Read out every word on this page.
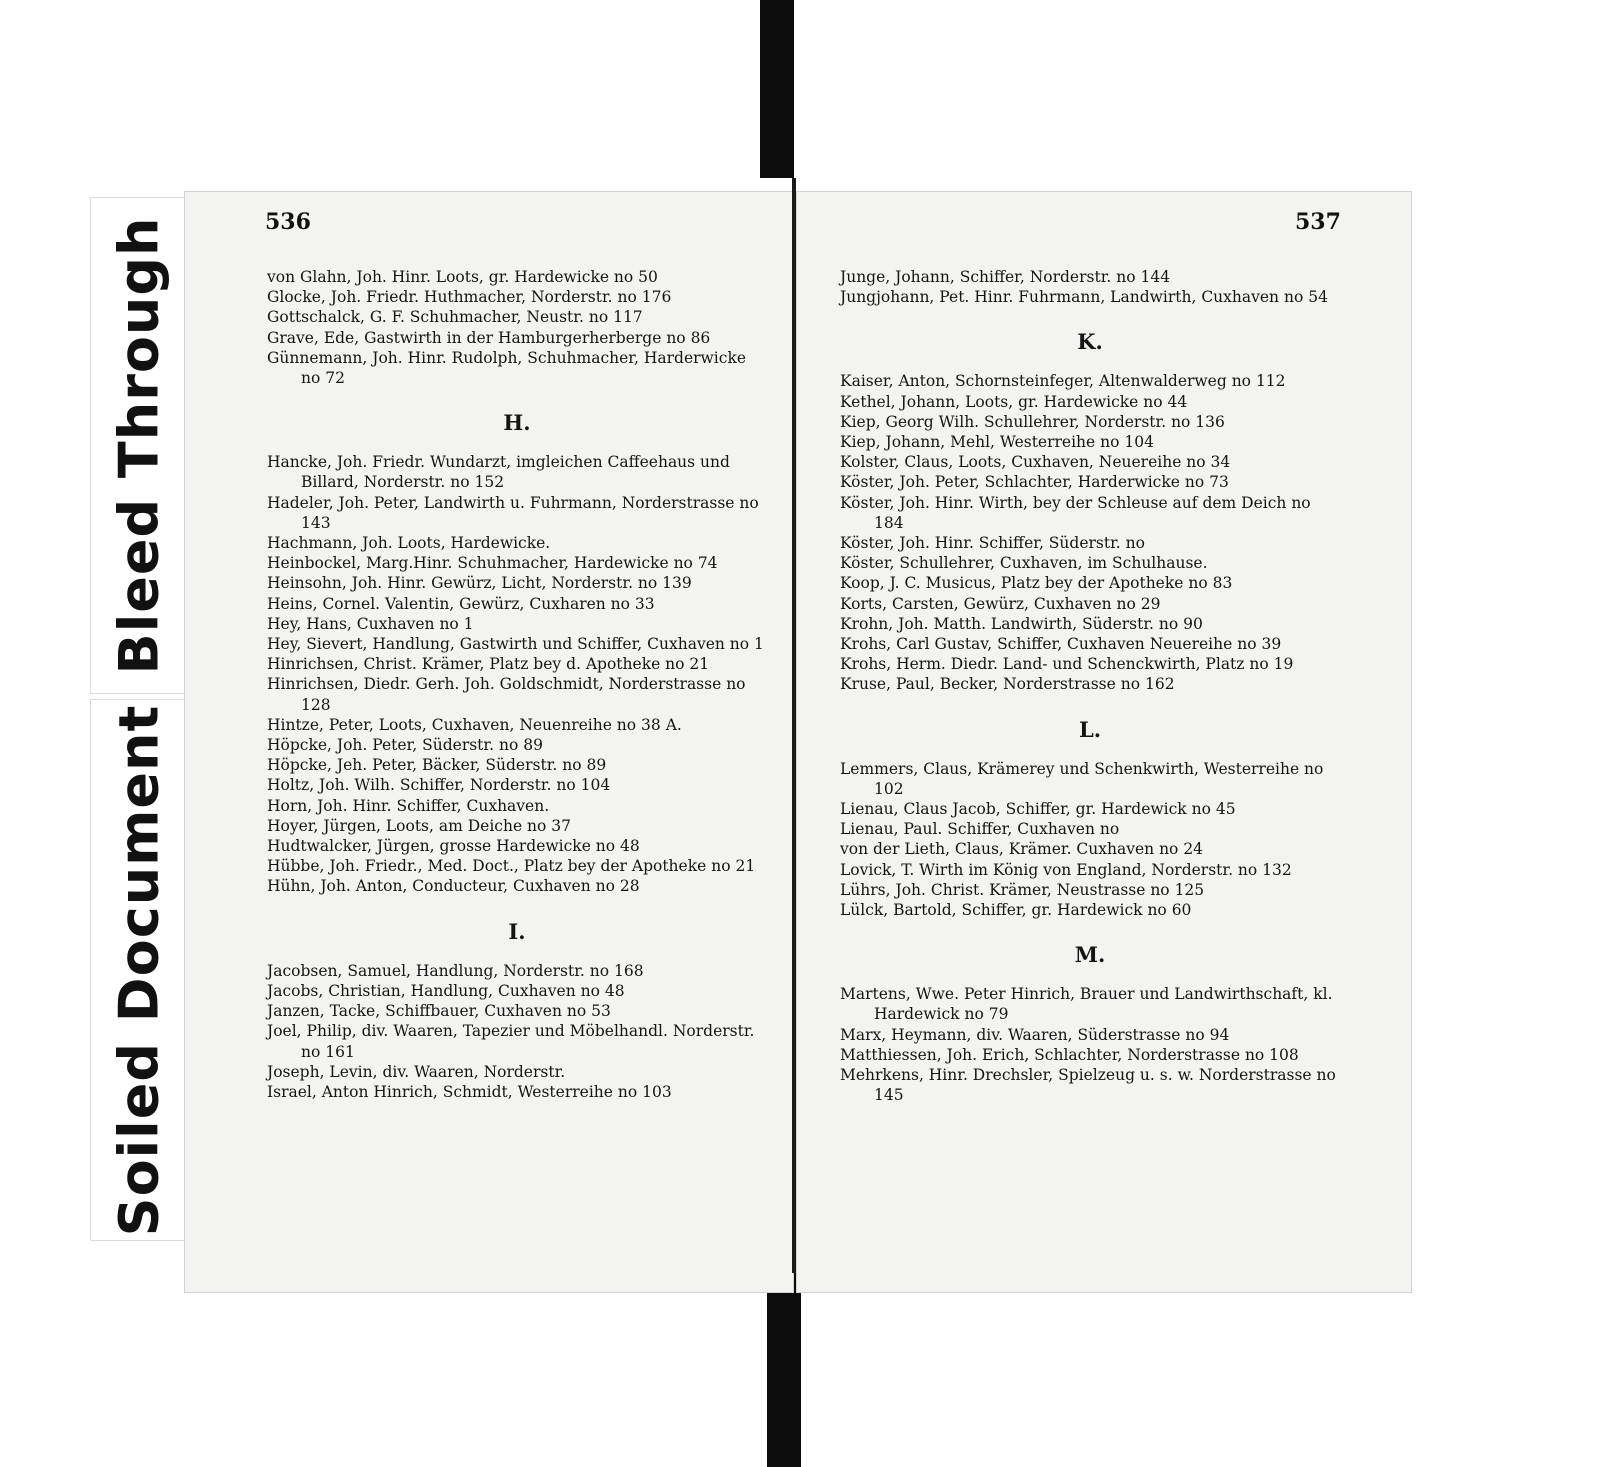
Bleed Through
Soiled Document
536
von Glahn, Joh. Hinr. Loots, gr. Hardewicke no 50
Glocke, Joh. Friedr. Huthmacher, Norderstr. no 176
Gottschalck, G. F. Schuhmacher, Neustr. no 117
Grave, Ede, Gastwirth in der Hamburgerherberge no 86
Günnemann, Joh. Hinr. Rudolph, Schuhmacher, Harderwicke no 72
H.
Hancke, Joh. Friedr. Wundarzt, imgleichen Caffeehaus und Billard, Norderstr. no 152
Hadeler, Joh. Peter, Landwirth u. Fuhrmann, Norderstrasse no 143
Hachmann, Joh. Loots, Hardewicke.
Heinbockel, Marg.Hinr. Schuhmacher, Hardewicke no 74
Heinsohn, Joh. Hinr. Gewürz, Licht, Norderstr. no 139
Heins, Cornel. Valentin, Gewürz, Cuxharen no 33
Hey, Hans, Cuxhaven no 1
Hey, Sievert, Handlung, Gastwirth und Schiffer, Cuxhaven no 1
Hinrichsen, Christ. Krämer, Platz bey d. Apotheke no 21
Hinrichsen, Diedr. Gerh. Joh. Goldschmidt, Norderstrasse no 128
Hintze, Peter, Loots, Cuxhaven, Neuenreihe no 38 A.
Höpcke, Joh. Peter, Süderstr. no 89
Höpcke, Jeh. Peter, Bäcker, Süderstr. no 89
Holtz, Joh. Wilh. Schiffer, Norderstr. no 104
Horn, Joh. Hinr. Schiffer, Cuxhaven.
Hoyer, Jürgen, Loots, am Deiche no 37
Hudtwalcker, Jürgen, grosse Hardewicke no 48
Hübbe, Joh. Friedr., Med. Doct., Platz bey der Apotheke no 21
Hühn, Joh. Anton, Conducteur, Cuxhaven no 28
I.
Jacobsen, Samuel, Handlung, Norderstr. no 168
Jacobs, Christian, Handlung, Cuxhaven no 48
Janzen, Tacke, Schiffbauer, Cuxhaven no 53
Joel, Philip, div. Waaren, Tapezier und Möbelhandl. Norderstr. no 161
Joseph, Levin, div. Waaren, Norderstr.
Israel, Anton Hinrich, Schmidt, Westerreihe no 103
537
Junge, Johann, Schiffer, Norderstr. no 144
Jungjohann, Pet. Hinr. Fuhrmann, Landwirth, Cuxhaven no 54
K.
Kaiser, Anton, Schornsteinfeger, Altenwalderweg no 112
Kethel, Johann, Loots, gr. Hardewicke no 44
Kiep, Georg Wilh. Schullehrer, Norderstr. no 136
Kiep, Johann, Mehl, Westerreihe no 104
Kolster, Claus, Loots, Cuxhaven, Neuereihe no 34
Köster, Joh. Peter, Schlachter, Harderwicke no 73
Köster, Joh. Hinr. Wirth, bey der Schleuse auf dem Deich no 184
Köster, Joh. Hinr. Schiffer, Süderstr. no
Köster, Schullehrer, Cuxhaven, im Schulhause.
Koop, J. C. Musicus, Platz bey der Apotheke no 83
Korts, Carsten, Gewürz, Cuxhaven no 29
Krohn, Joh. Matth. Landwirth, Süderstr. no 90
Krohs, Carl Gustav, Schiffer, Cuxhaven Neuereihe no 39
Krohs, Herm. Diedr. Land- und Schenckwirth, Platz no 19
Kruse, Paul, Becker, Norderstrasse no 162
L.
Lemmers, Claus, Krämerey und Schenkwirth, Westerreihe no 102
Lienau, Claus Jacob, Schiffer, gr. Hardewick no 45
Lienau, Paul. Schiffer, Cuxhaven no
von der Lieth, Claus, Krämer. Cuxhaven no 24
Lovick, T. Wirth im König von England, Norderstr. no 132
Lührs, Joh. Christ. Krämer, Neustrasse no 125
Lülck, Bartold, Schiffer, gr. Hardewick no 60
M.
Martens, Wwe. Peter Hinrich, Brauer und Landwirthschaft, kl. Hardewick no 79
Marx, Heymann, div. Waaren, Süderstrasse no 94
Matthiessen, Joh. Erich, Schlachter, Norderstrasse no 108
Mehrkens, Hinr. Drechsler, Spielzeug u. s. w. Norderstrasse no 145
